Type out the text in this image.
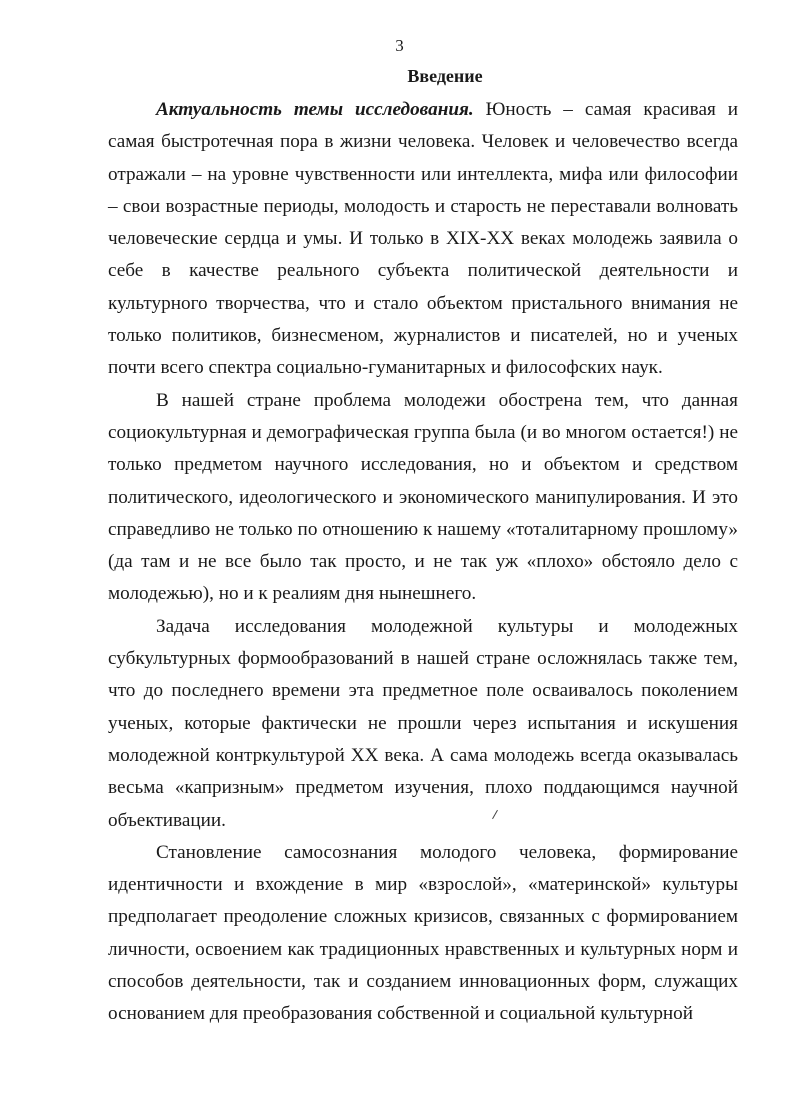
3
Введение

Актуальность темы исследования. Юность – самая красивая и самая быстротечная пора в жизни человека. Человек и человечество всегда отражали – на уровне чувственности или интеллекта, мифа или философии – свои возрастные периоды, молодость и старость не переставали волновать человеческие сердца и умы. И только в XIX-XX веках молодежь заявила о себе в качестве реального субъекта политической деятельности и культурного творчества, что и стало объектом пристального внимания не только политиков, бизнесменом, журналистов и писателей, но и ученых почти всего спектра социально-гуманитарных и философских наук.

В нашей стране проблема молодежи обострена тем, что данная социокультурная и демографическая группа была (и во многом остается!) не только предметом научного исследования, но и объектом и средством политического, идеологического и экономического манипулирования. И это справедливо не только по отношению к нашему «тоталитарному прошлому» (да там и не все было так просто, и не так уж «плохо» обстояло дело с молодежью), но и к реалиям дня нынешнего.

Задача исследования молодежной культуры и молодежных субкультурных формообразований в нашей стране осложнялась также тем, что до последнего времени эта предметное поле осваивалось поколением ученых, которые фактически не прошли через испытания и искушения молодежной контркультурой XX века. А сама молодежь всегда оказывалась весьма «капризным» предметом изучения, плохо поддающимся научной объективации.

Становление самосознания молодого человека, формирование идентичности и вхождение в мир «взрослой», «материнской» культуры предполагает преодоление сложных кризисов, связанных с формированием личности, освоением как традиционных нравственных и культурных норм и способов деятельности, так и созданием инновационных форм, служащих основанием для преобразования собственной и социальной культурной
